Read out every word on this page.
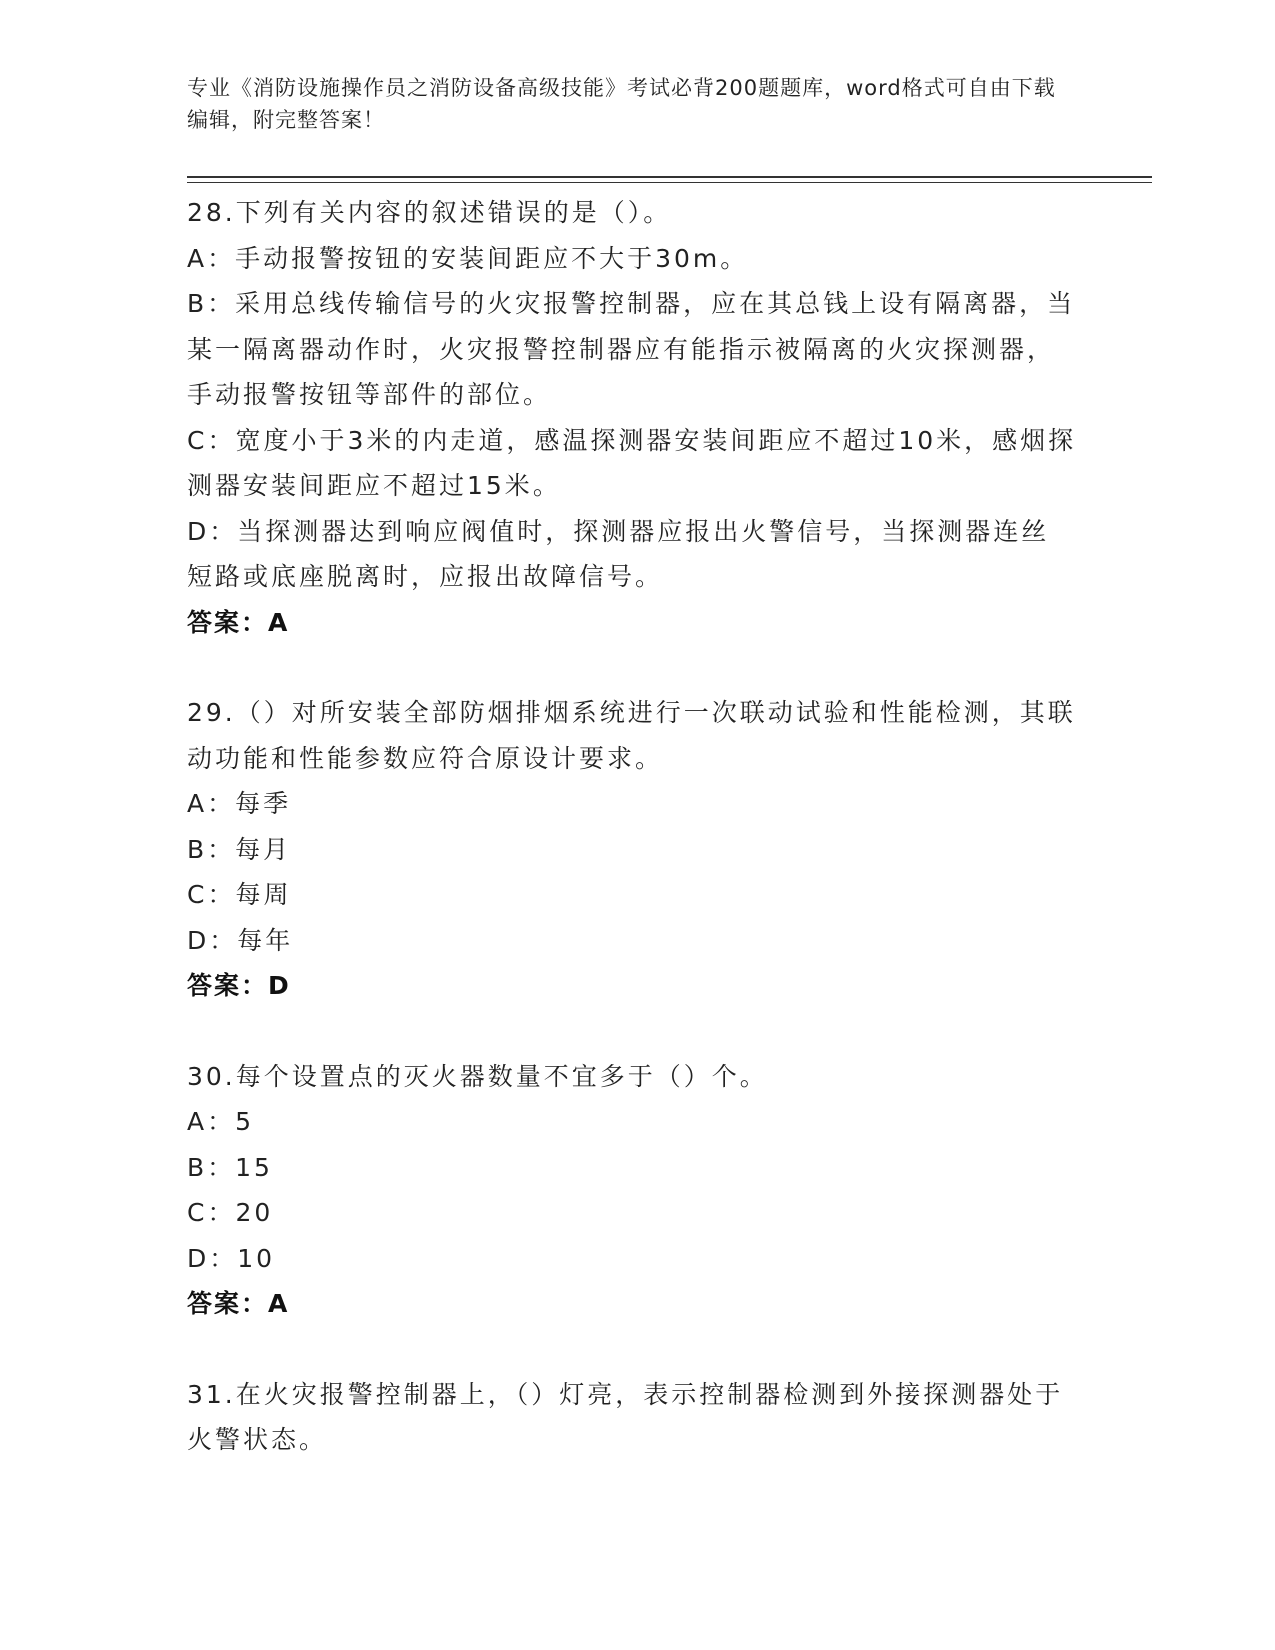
专业《消防设施操作员之消防设备高级技能》考试必背200题题库，word格式可自由下载编辑，附完整答案！

28.下列有关内容的叙述错误的是（）。

A：手动报警按钮的安装间距应不大于30m。

B：采用总线传输信号的火灾报警控制器，应在其总钱上设有隔离器，当某一隔离器动作时，火灾报警控制器应有能指示被隔离的火灾探测器，手动报警按钮等部件的部位。

C：宽度小于3米的内走道，感温探测器安装间距应不超过10米，感烟探测器安装间距应不超过15米。

D：当探测器达到响应阀值时，探测器应报出火警信号，当探测器连丝短路或底座脱离时，应报出故障信号。

答案：A

29.（）对所安装全部防烟排烟系统进行一次联动试验和性能检测，其联动功能和性能参数应符合原设计要求。

A：每季

B：每月

C：每周

D：每年

答案：D

30.每个设置点的灭火器数量不宜多于（）个。

A：5

B：15

C：20

D：10

答案：A

31.在火灾报警控制器上，（）灯亮，表示控制器检测到外接探测器处于火警状态。
